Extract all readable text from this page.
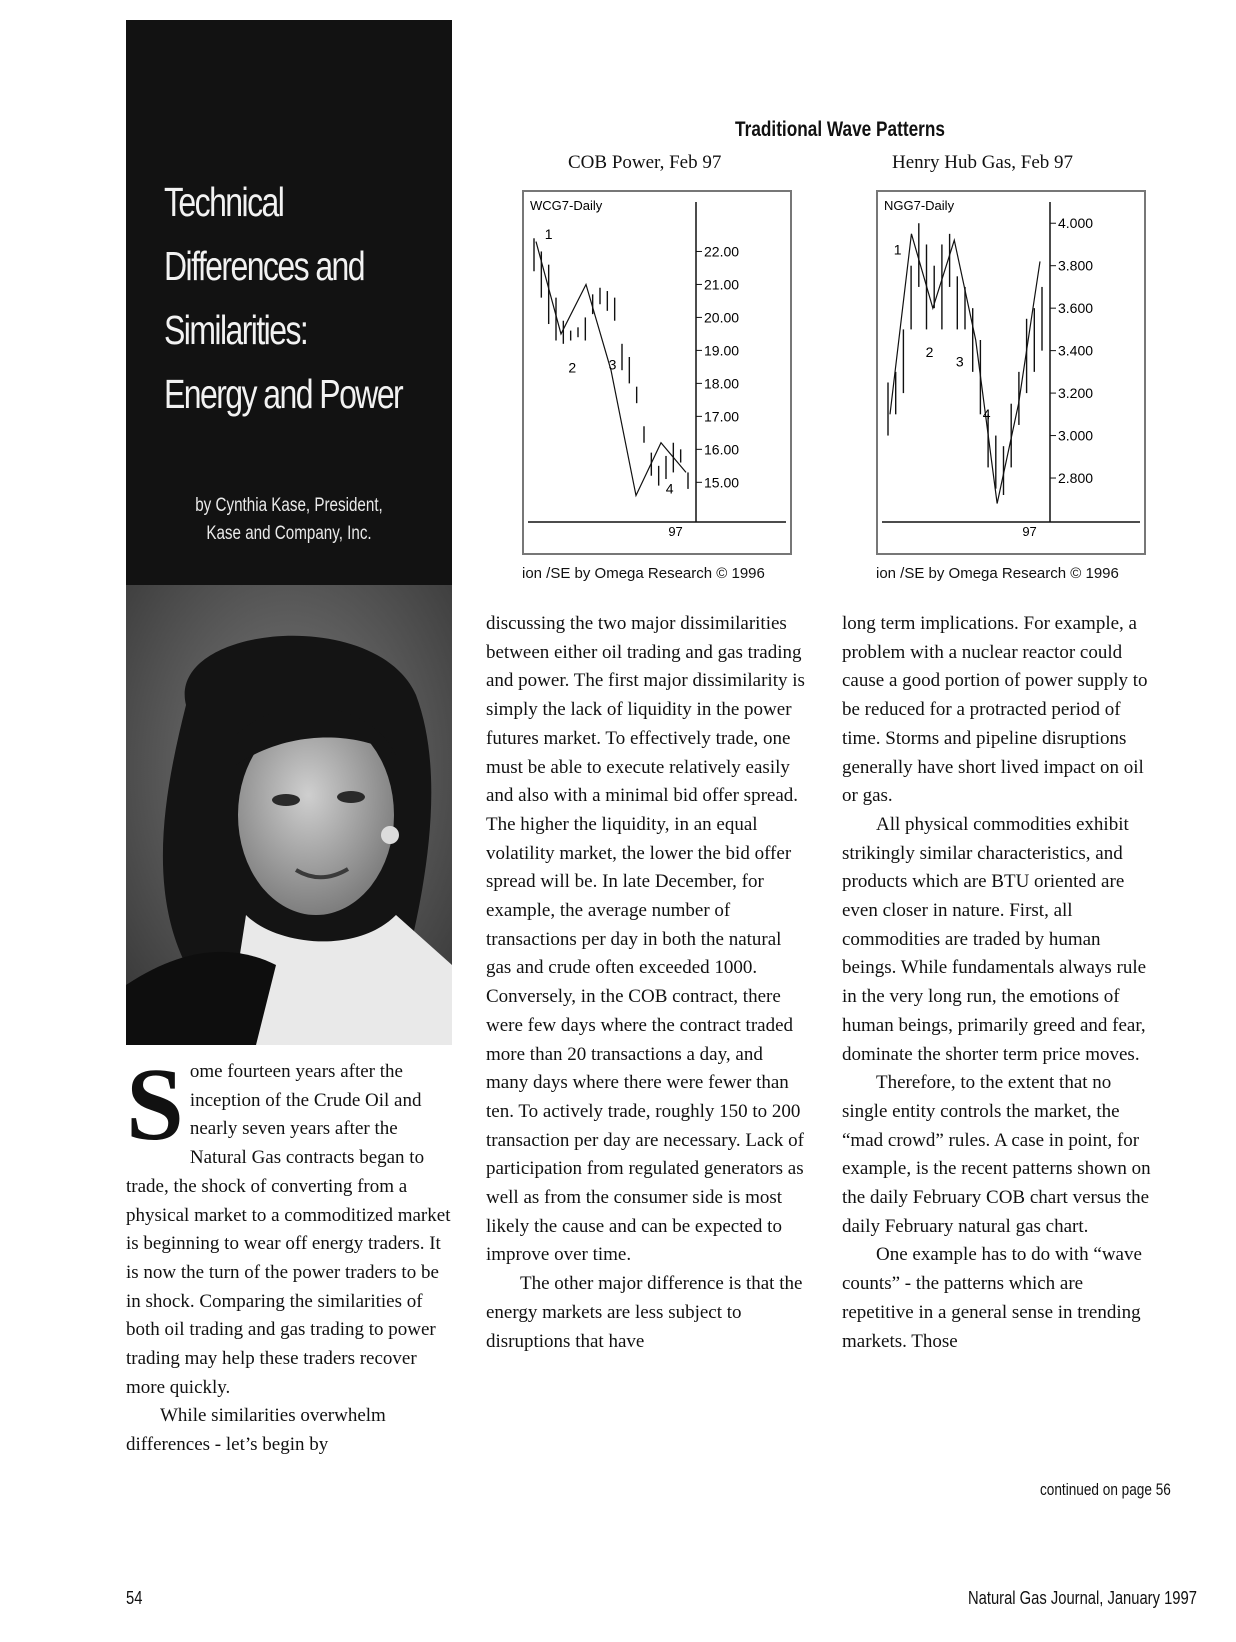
Technical
Differences and
Similarities:
Energy and Power
by Cynthia Kase, President,
Kase and Company, Inc.
Traditional Wave Patterns
COB Power, Feb 97	Henry Hub Gas, Feb 97
WCG7-Daily
22.00
21.00
20.00
19.00
18.00
17.00
16.00
15.00
97
1
2 3
4
NGG7-Daily
4.000
3.800
3.600
3.400
3.200
3.000
2.800
97
1
2
3
4
ion /SE by Omega Research © 1996	ion /SE by Omega Research © 1996

Some fourteen years after the inception of the Crude Oil and nearly seven years after the Natural Gas contracts began to trade, the shock of converting from a physical market to a commoditized market is beginning to wear off energy traders. It is now the turn of the power traders to be in shock. Comparing the similarities of both oil trading and gas trading to power trading may help these traders recover more quickly.

While similarities overwhelm differences - let’s begin by

discussing the two major dissimilarities between either oil trading and gas trading and power. The first major dissimilarity is simply the lack of liquidity in the power futures market. To effectively trade, one must be able to execute relatively easily and also with a minimal bid offer spread. The higher the liquidity, in an equal volatility market, the lower the bid offer spread will be. In late December, for example, the average number of transactions per day in both the natural gas and crude often exceeded 1000. Conversely, in the COB contract, there were few days where the contract traded more than 20 transactions a day, and many days where there were fewer than ten. To actively trade, roughly 150 to 200 transaction per day are necessary. Lack of participation from regulated generators as well as from the consumer side is most likely the cause and can be expected to improve over time.

The other major difference is that the energy markets are less subject to disruptions that have

long term implications. For example, a problem with a nuclear reactor could cause a good portion of power supply to be reduced for a protracted period of time. Storms and pipeline disruptions generally have short lived impact on oil or gas.

All physical commodities exhibit strikingly similar characteristics, and products which are BTU oriented are even closer in nature. First, all commodities are traded by human beings. While fundamentals always rule in the very long run, the emotions of human beings, primarily greed and fear, dominate the shorter term price moves.

Therefore, to the extent that no single entity controls the market, the “mad crowd” rules. A case in point, for example, is the recent patterns shown on the daily February COB chart versus the daily February natural gas chart.

One example has to do with “wave counts” - the patterns which are repetitive in a general sense in trending markets. Those

continued on page 56
54	Natural Gas Journal, January 1997
